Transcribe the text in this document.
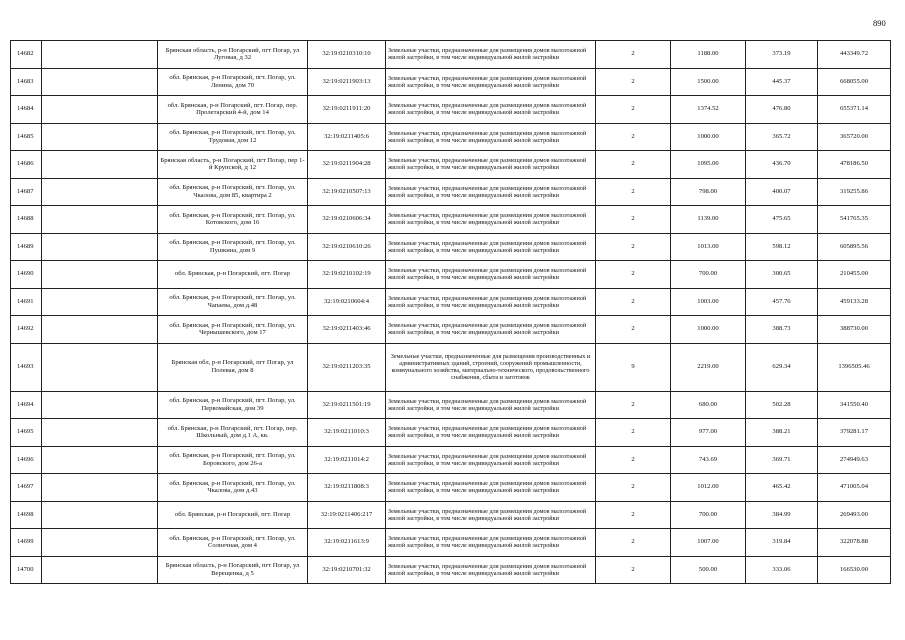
890
14682		Брянская область, р-н Погарский, пгт Погар, ул Луговая, д 32	32:19:0210310:10	Земельные участки, предназначенные для размещения домов малоэтажной жилой застройки, в том числе индивидуальной жилой застройки	2	1188.00	373.19	443349.72
14683		обл. Брянская, р-н Погарский, пгт. Погар, ул. Ленина, дом 70	32:19:0211903:13	Земельные участки, предназначенные для размещения домов малоэтажной жилой застройки, в том числе индивидуальной жилой застройки	2	1500.00	445.37	668055.00
14684		обл. Брянская, р-н Погарский, пгт. Погар, пер. Пролетарский 4-й, дом 14	32:19:0211911:20	Земельные участки, предназначенные для размещения домов малоэтажной жилой застройки, в том числе индивидуальной жилой застройки	2	1374.52	476.80	655371.14
14685		обл. Брянская, р-н Погарский, пгт. Погар, ул. Трудовая, дом 12	32:19:0211405:6	Земельные участки, предназначенные для размещения домов малоэтажной жилой застройки, в том числе индивидуальной жилой застройки	2	1000.00	365.72	365720.00
14686		Брянская область, р-н Погарский, пгт Погар, пер 1-й Крупской, д 12	32:19:0211904:28	Земельные участки, предназначенные для размещения домов малоэтажной жилой застройки, в том числе индивидуальной жилой застройки	2	1095.00	436.70	478186.50
14687		обл. Брянская, р-н Погарский, пгт. Погар, ул. Чкалова, дом 85, квартира 2	32:19:0210507:13	Земельные участки, предназначенные для размещения домов малоэтажной жилой застройки, в том числе индивидуальной жилой застройки	2	798.00	400.07	319255.86
14688		обл. Брянская, р-н Погарский, пгт. Погар, ул. Котовского, дом 16	32:19:0210606:34	Земельные участки, предназначенные для размещения домов малоэтажной жилой застройки, в том числе индивидуальной жилой застройки	2	1139.00	475.65	541765.35
14689		обл. Брянская, р-н Погарский, пгт. Погар, ул. Пушкина, дом 9	32:19:0210610:26	Земельные участки, предназначенные для размещения домов малоэтажной жилой застройки, в том числе индивидуальной жилой застройки	2	1013.00	598.12	605895.56
14690		обл. Брянская, р-н Погарский, пгт. Погар	32:19:0210102:19	Земельные участки, предназначенные для размещения домов малоэтажной жилой застройки, в том числе индивидуальной жилой застройки	2	700.00	300.65	210455.00
14691		обл. Брянская, р-н Погарский, пгт. Погар, ул. Чапаева, дом д.48	32:19:0210604:4	Земельные участки, предназначенные для размещения домов малоэтажной жилой застройки, в том числе индивидуальной жилой застройки	2	1003.00	457.76	459133.28
14692		обл. Брянская, р-н Погарский, пгт. Погар, ул. Чернышевского, дом 17	32:19:0211403:46	Земельные участки, предназначенные для размещения домов малоэтажной жилой застройки, в том числе индивидуальной жилой застройки	2	1000.00	388.73	388730.00
14693		Брянская обл, р-н Погарский, пгт Погар, ул Полевая, дом 8	32:19:0211203:35	Земельные участки, предназначенные для размещения производственных и административных зданий, строений, сооружений промышленности, коммунального хозяйства, материально-технического, продовольственного снабжения, сбыта и заготовок	9	2219.00	629.34	1396505.46
14694		обл. Брянская, р-н Погарский, пгт. Погар, ул. Первомайская, дом 39	32:19:0211501:19	Земельные участки, предназначенные для размещения домов малоэтажной жилой застройки, в том числе индивидуальной жилой застройки	2	680.00	502.28	341550.40
14695		обл. Брянская, р-н Погарский, пгт. Погар, пер. Школьный, дом д.1 А, кв.	32:19:0211010:3	Земельные участки, предназначенные для размещения домов малоэтажной жилой застройки, в том числе индивидуальной жилой застройки	2	977.00	388.21	379281.17
14696		обл. Брянская, р-н Погарский, пгт. Погар, ул. Боровского, дом 26-а	32:19:0211014:2	Земельные участки, предназначенные для размещения домов малоэтажной жилой застройки, в том числе индивидуальной жилой застройки	2	743.69	369.71	274949.63
14697		обл. Брянская, р-н Погарский, пгт. Погар, ул. Чкалова, дом д.43	32:19:0211808:3	Земельные участки, предназначенные для размещения домов малоэтажной жилой застройки, в том числе индивидуальной жилой застройки	2	1012.00	465.42	471005.04
14698		обл. Брянская, р-н Погарский, пгт. Погар	32:19:0211406:217	Земельные участки, предназначенные для размещения домов малоэтажной жилой застройки, в том числе индивидуальной жилой застройки	2	700.00	384.99	269493.00
14699		обл. Брянская, р-н Погарский, пгт. Погар, ул. Солнечная, дом 4	32:19:0211613:9	Земельные участки, предназначенные для размещения домов малоэтажной жилой застройки, в том числе индивидуальной жилой застройки	2	1007.00	319.84	322078.88
14700		Брянская область, р-н Погарский, пгт Погар, ул Верещенка, д 5	32:19:0210701:32	Земельные участки, предназначенные для размещения домов малоэтажной жилой застройки, в том числе индивидуальной жилой застройки	2	500.00	333.06	166530.00
